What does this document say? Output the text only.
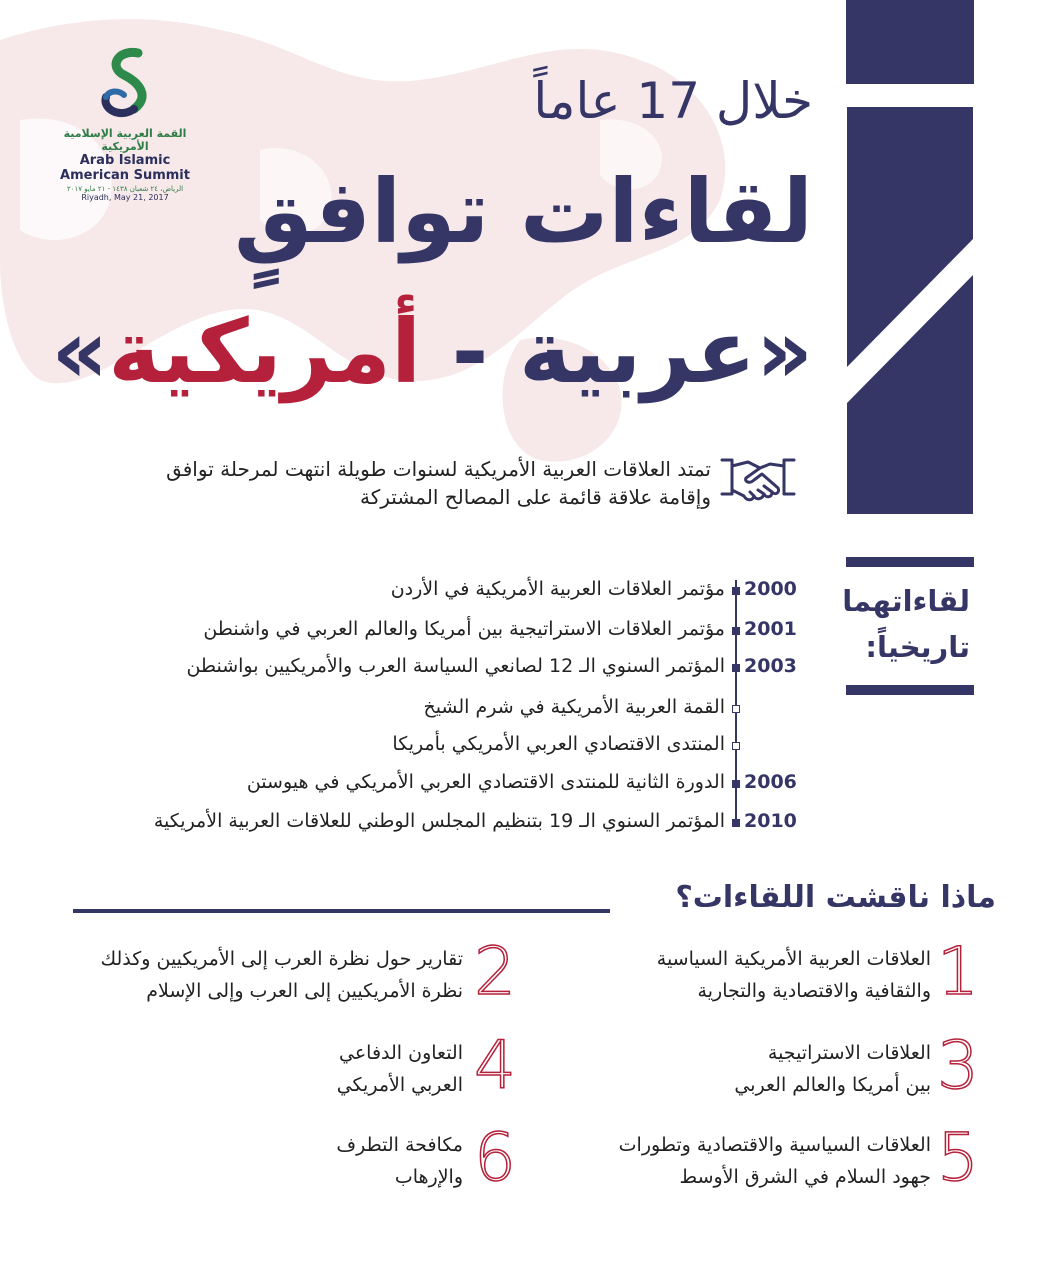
القمة العربية الإسلامية الأمريكية
Arab Islamic American Summit
الرياض، ٢٤ شعبان ١٤٣٨ - ٢١ مايو ٢٠١٧
Riyadh, May 21, 2017
خلال 17 عاماً
لقاءات توافقٍ
«عربية - أمريكية»
تمتد العلاقات العربية الأمريكية لسنوات طويلة انتهت لمرحلة توافق
وإقامة علاقة قائمة على المصالح المشتركة
لقاءاتهما
تاريخياً:
2000
مؤتمر العلاقات العربية الأمريكية في الأردن
2001
مؤتمر العلاقات الاستراتيجية بين أمريكا والعالم العربي في واشنطن
2003
المؤتمر السنوي الـ 12 لصانعي السياسة العرب والأمريكيين بواشنطن
القمة العربية الأمريكية في شرم الشيخ
المنتدى الاقتصادي العربي الأمريكي بأمريكا
2006
الدورة الثانية للمنتدى الاقتصادي العربي الأمريكي في هيوستن
2010
المؤتمر السنوي الـ 19 بتنظيم المجلس الوطني للعلاقات العربية الأمريكية
ماذا ناقشت اللقاءات؟
1
العلاقات العربية الأمريكية السياسية
والثقافية والاقتصادية والتجارية
2
تقارير حول نظرة العرب إلى الأمريكيين وكذلك
نظرة الأمريكيين إلى العرب وإلى الإسلام
3
العلاقات الاستراتيجية
بين أمريكا والعالم العربي
4
التعاون الدفاعي
العربي الأمريكي
5
العلاقات السياسية والاقتصادية وتطورات
جهود السلام في الشرق الأوسط
6
مكافحة التطرف
والإرهاب
